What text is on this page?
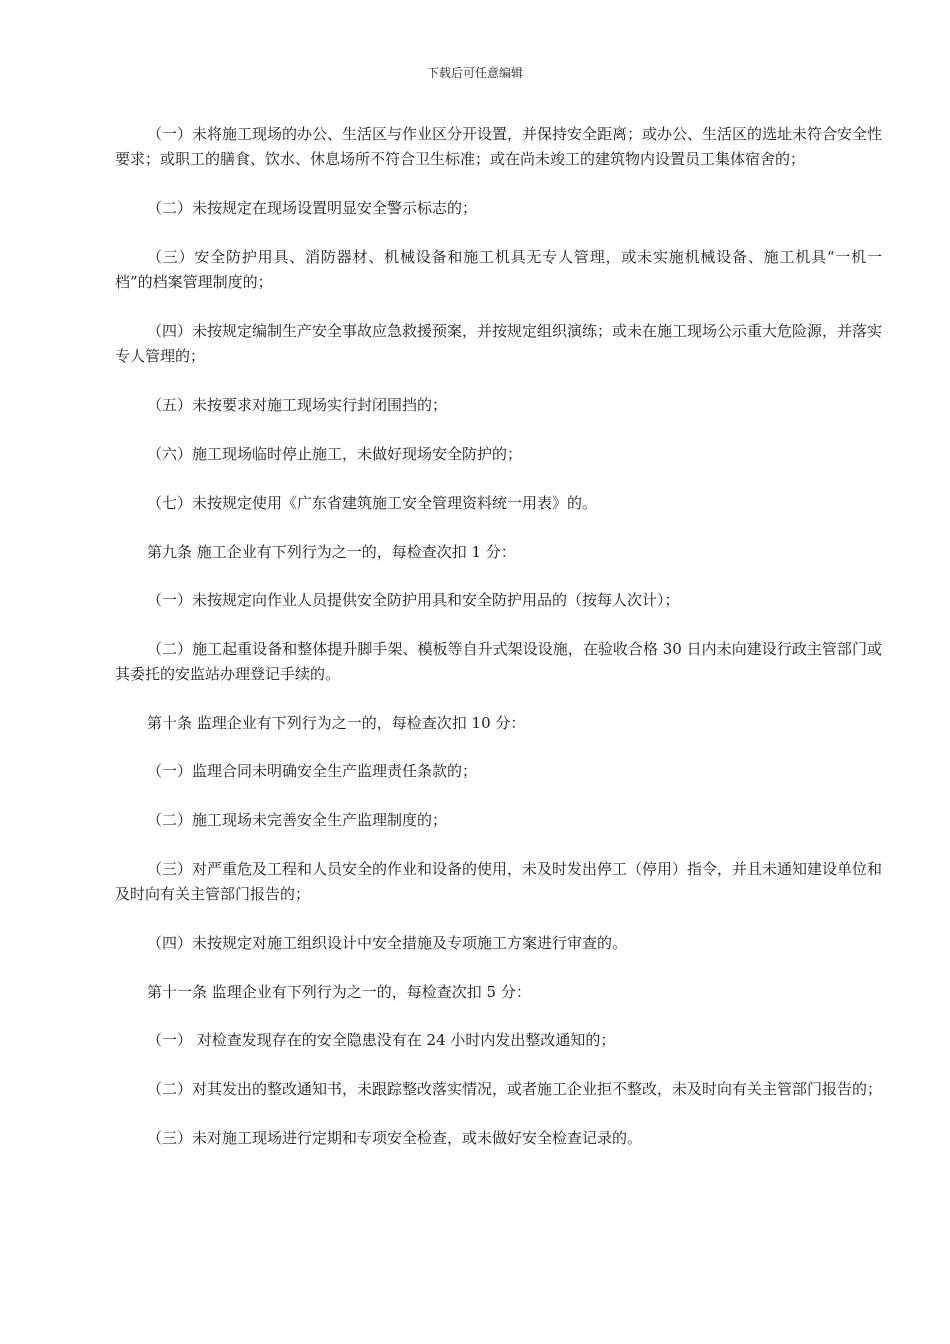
下载后可任意编辑

（一）未将施工现场的办公、生活区与作业区分开设置，并保持安全距离；或办公、生活区的选址未符合安全性要求；或职工的膳食、饮水、休息场所不符合卫生标准；或在尚未竣工的建筑物内设置员工集体宿舍的；

（二）未按规定在现场设置明显安全警示标志的；

（三）安全防护用具、消防器材、机械设备和施工机具无专人管理，或未实施机械设备、施工机具“一机一档”的档案管理制度的；

（四）未按规定编制生产安全事故应急救援预案，并按规定组织演练；或未在施工现场公示重大危险源，并落实专人管理的；

（五）未按要求对施工现场实行封闭围挡的；

（六）施工现场临时停止施工，未做好现场安全防护的；

（七）未按规定使用《广东省建筑施工安全管理资料统一用表》的。

第九条 施工企业有下列行为之一的，每检查次扣 1 分：

（一）未按规定向作业人员提供安全防护用具和安全防护用品的（按每人次计）；

（二）施工起重设备和整体提升脚手架、模板等自升式架设设施，在验收合格 30 日内未向建设行政主管部门或其委托的安监站办理登记手续的。

第十条 监理企业有下列行为之一的，每检查次扣 10 分：

（一）监理合同未明确安全生产监理责任条款的；

（二）施工现场未完善安全生产监理制度的；

（三）对严重危及工程和人员安全的作业和设备的使用，未及时发出停工（停用）指令，并且未通知建设单位和及时向有关主管部门报告的；

（四）未按规定对施工组织设计中安全措施及专项施工方案进行审查的。

第十一条 监理企业有下列行为之一的，每检查次扣 5 分：

（一） 对检查发现存在的安全隐患没有在 24 小时内发出整改通知的；

（二）对其发出的整改通知书，未跟踪整改落实情况，或者施工企业拒不整改，未及时向有关主管部门报告的；

（三）未对施工现场进行定期和专项安全检查，或未做好安全检查记录的。
